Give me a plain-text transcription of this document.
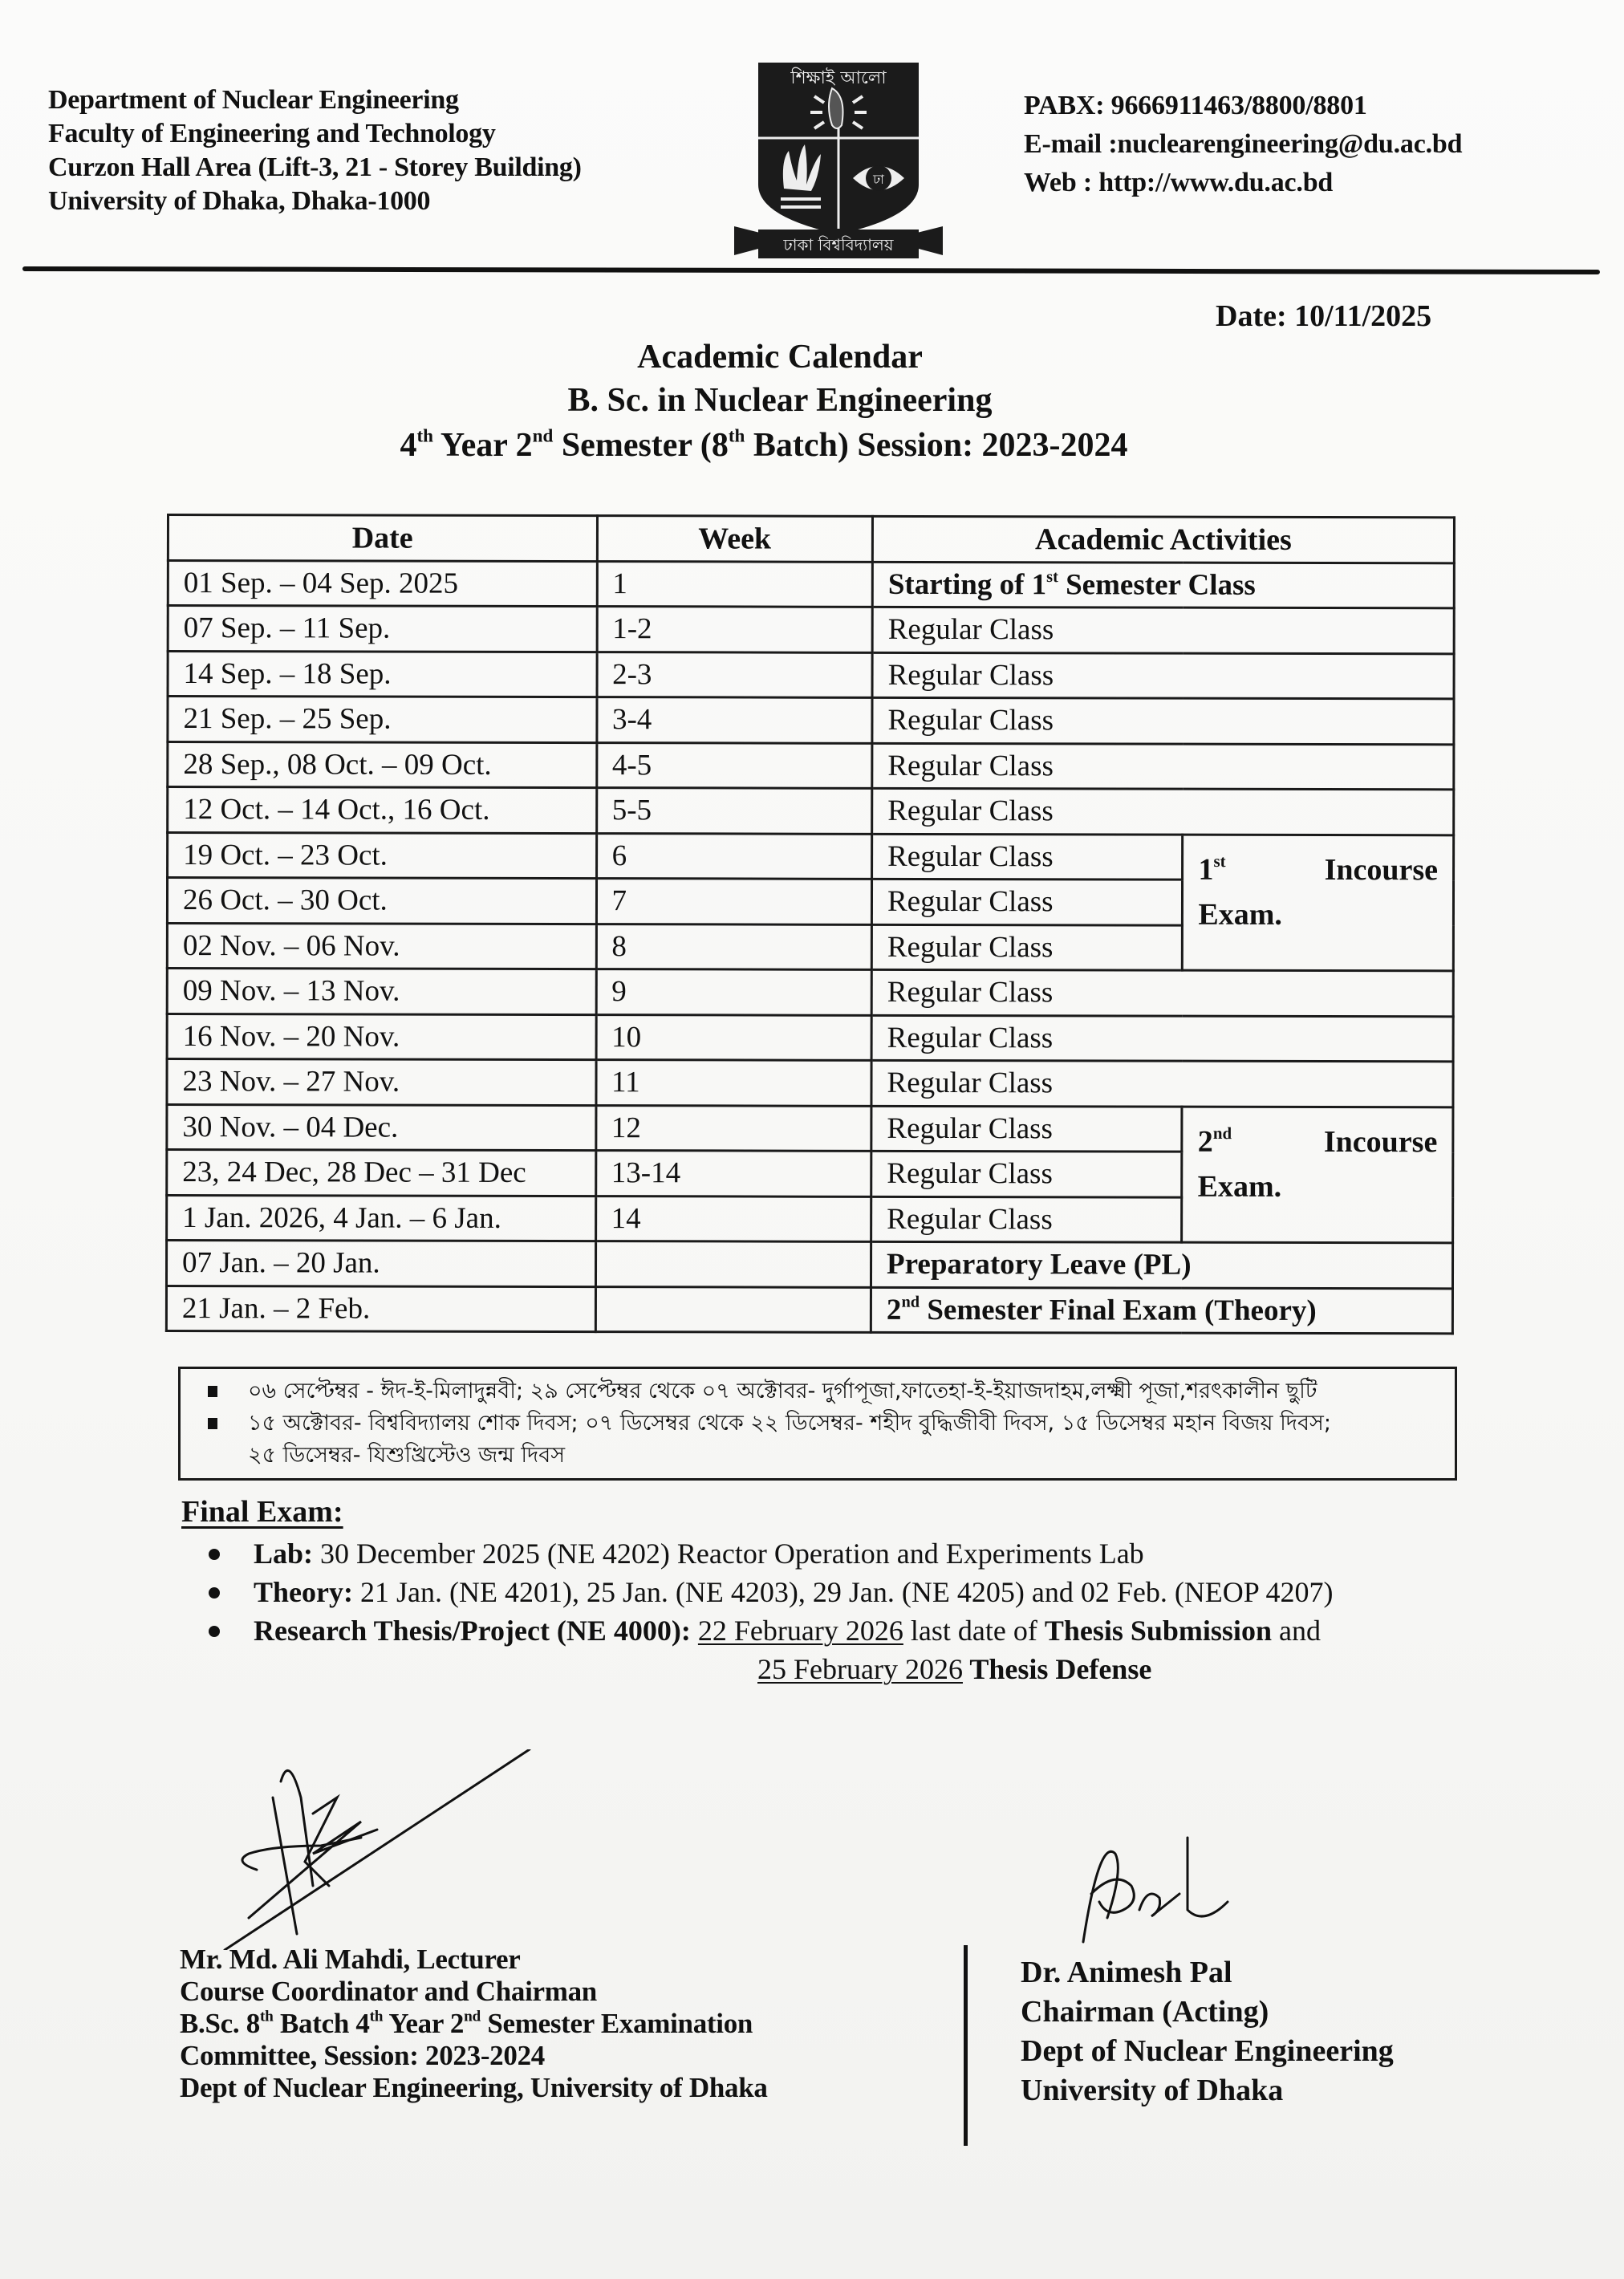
Department of Nuclear Engineering
Faculty of Engineering and Technology
Curzon Hall Area (Lift-3, 21 - Storey Building)
University of Dhaka, Dhaka-1000
শিক্ষাই আলো
ঢা
ঢাকা বিশ্ববিদ্যালয়
PABX: 9666911463/8800/8801
E-mail :nuclearengineering@du.ac.bd
Web : http://www.du.ac.bd
Date: 10/11/2025
Academic Calendar
B. Sc. in Nuclear Engineering
4th Year 2nd Semester (8th Batch) Session: 2023-2024
Date	Week	Academic Activities	
01 Sep. – 04 Sep. 2025	1	Starting of 1st Semester Class	
07 Sep. – 11 Sep.	1-2	Regular Class	
14 Sep. – 18 Sep.	2-3	Regular Class	
21 Sep. – 25 Sep.	3-4	Regular Class	
28 Sep., 08 Oct. – 09 Oct.	4-5	Regular Class	
12 Oct. – 14 Oct., 16 Oct.	5-5	Regular Class	
19 Oct. – 23 Oct.	6	Regular Class	1st Incourse
Exam.

26 Oct. – 30 Oct.	7	Regular Class	
02 Nov. – 06 Nov.	8	Regular Class	
09 Nov. – 13 Nov.	9	Regular Class	
16 Nov. – 20 Nov.	10	Regular Class	
23 Nov. – 27 Nov.	11	Regular Class	
30 Nov. – 04 Dec.	12	Regular Class	2nd Incourse
Exam.

23, 24 Dec, 28 Dec – 31 Dec	13-14	Regular Class	
1 Jan. 2026, 4 Jan. – 6 Jan.	14	Regular Class	
07 Jan. – 20 Jan.		Preparatory Leave (PL)	
21 Jan. – 2 Feb.		2nd Semester Final Exam (Theory)	
০৬ সেপ্টেম্বর - ঈদ-ই-মিলাদুন্নবী; ২৯ সেপ্টেম্বর থেকে ০৭ অক্টোবর- দুর্গাপূজা,ফাতেহা-ই-ইয়াজদাহম,লক্ষ্মী পূজা,শরৎকালীন ছুটি
১৫ অক্টোবর- বিশ্ববিদ্যালয় শোক দিবস; ০৭ ডিসেম্বর থেকে ২২ ডিসেম্বর- শহীদ বুদ্ধিজীবী দিবস, ১৫ ডিসেম্বর মহান বিজয় দিবস;
২৫ ডিসেম্বর- যিশুখ্রিস্টেও জন্ম দিবস
Final Exam:
Lab: 30 December 2025 (NE 4202) Reactor Operation and Experiments Lab
Theory: 21 Jan. (NE 4201), 25 Jan. (NE 4203), 29 Jan. (NE 4205) and 02 Feb. (NEOP 4207)
Research Thesis/Project (NE 4000): 22 February 2026 last date of Thesis Submission and
25 February 2026 Thesis Defense
Mr. Md. Ali Mahdi, Lecturer
Course Coordinator and Chairman
B.Sc. 8th Batch 4th Year 2nd Semester Examination
Committee, Session: 2023-2024
Dept of Nuclear Engineering, University of Dhaka
Dr. Animesh Pal
Chairman (Acting)
Dept of Nuclear Engineering
University of Dhaka
